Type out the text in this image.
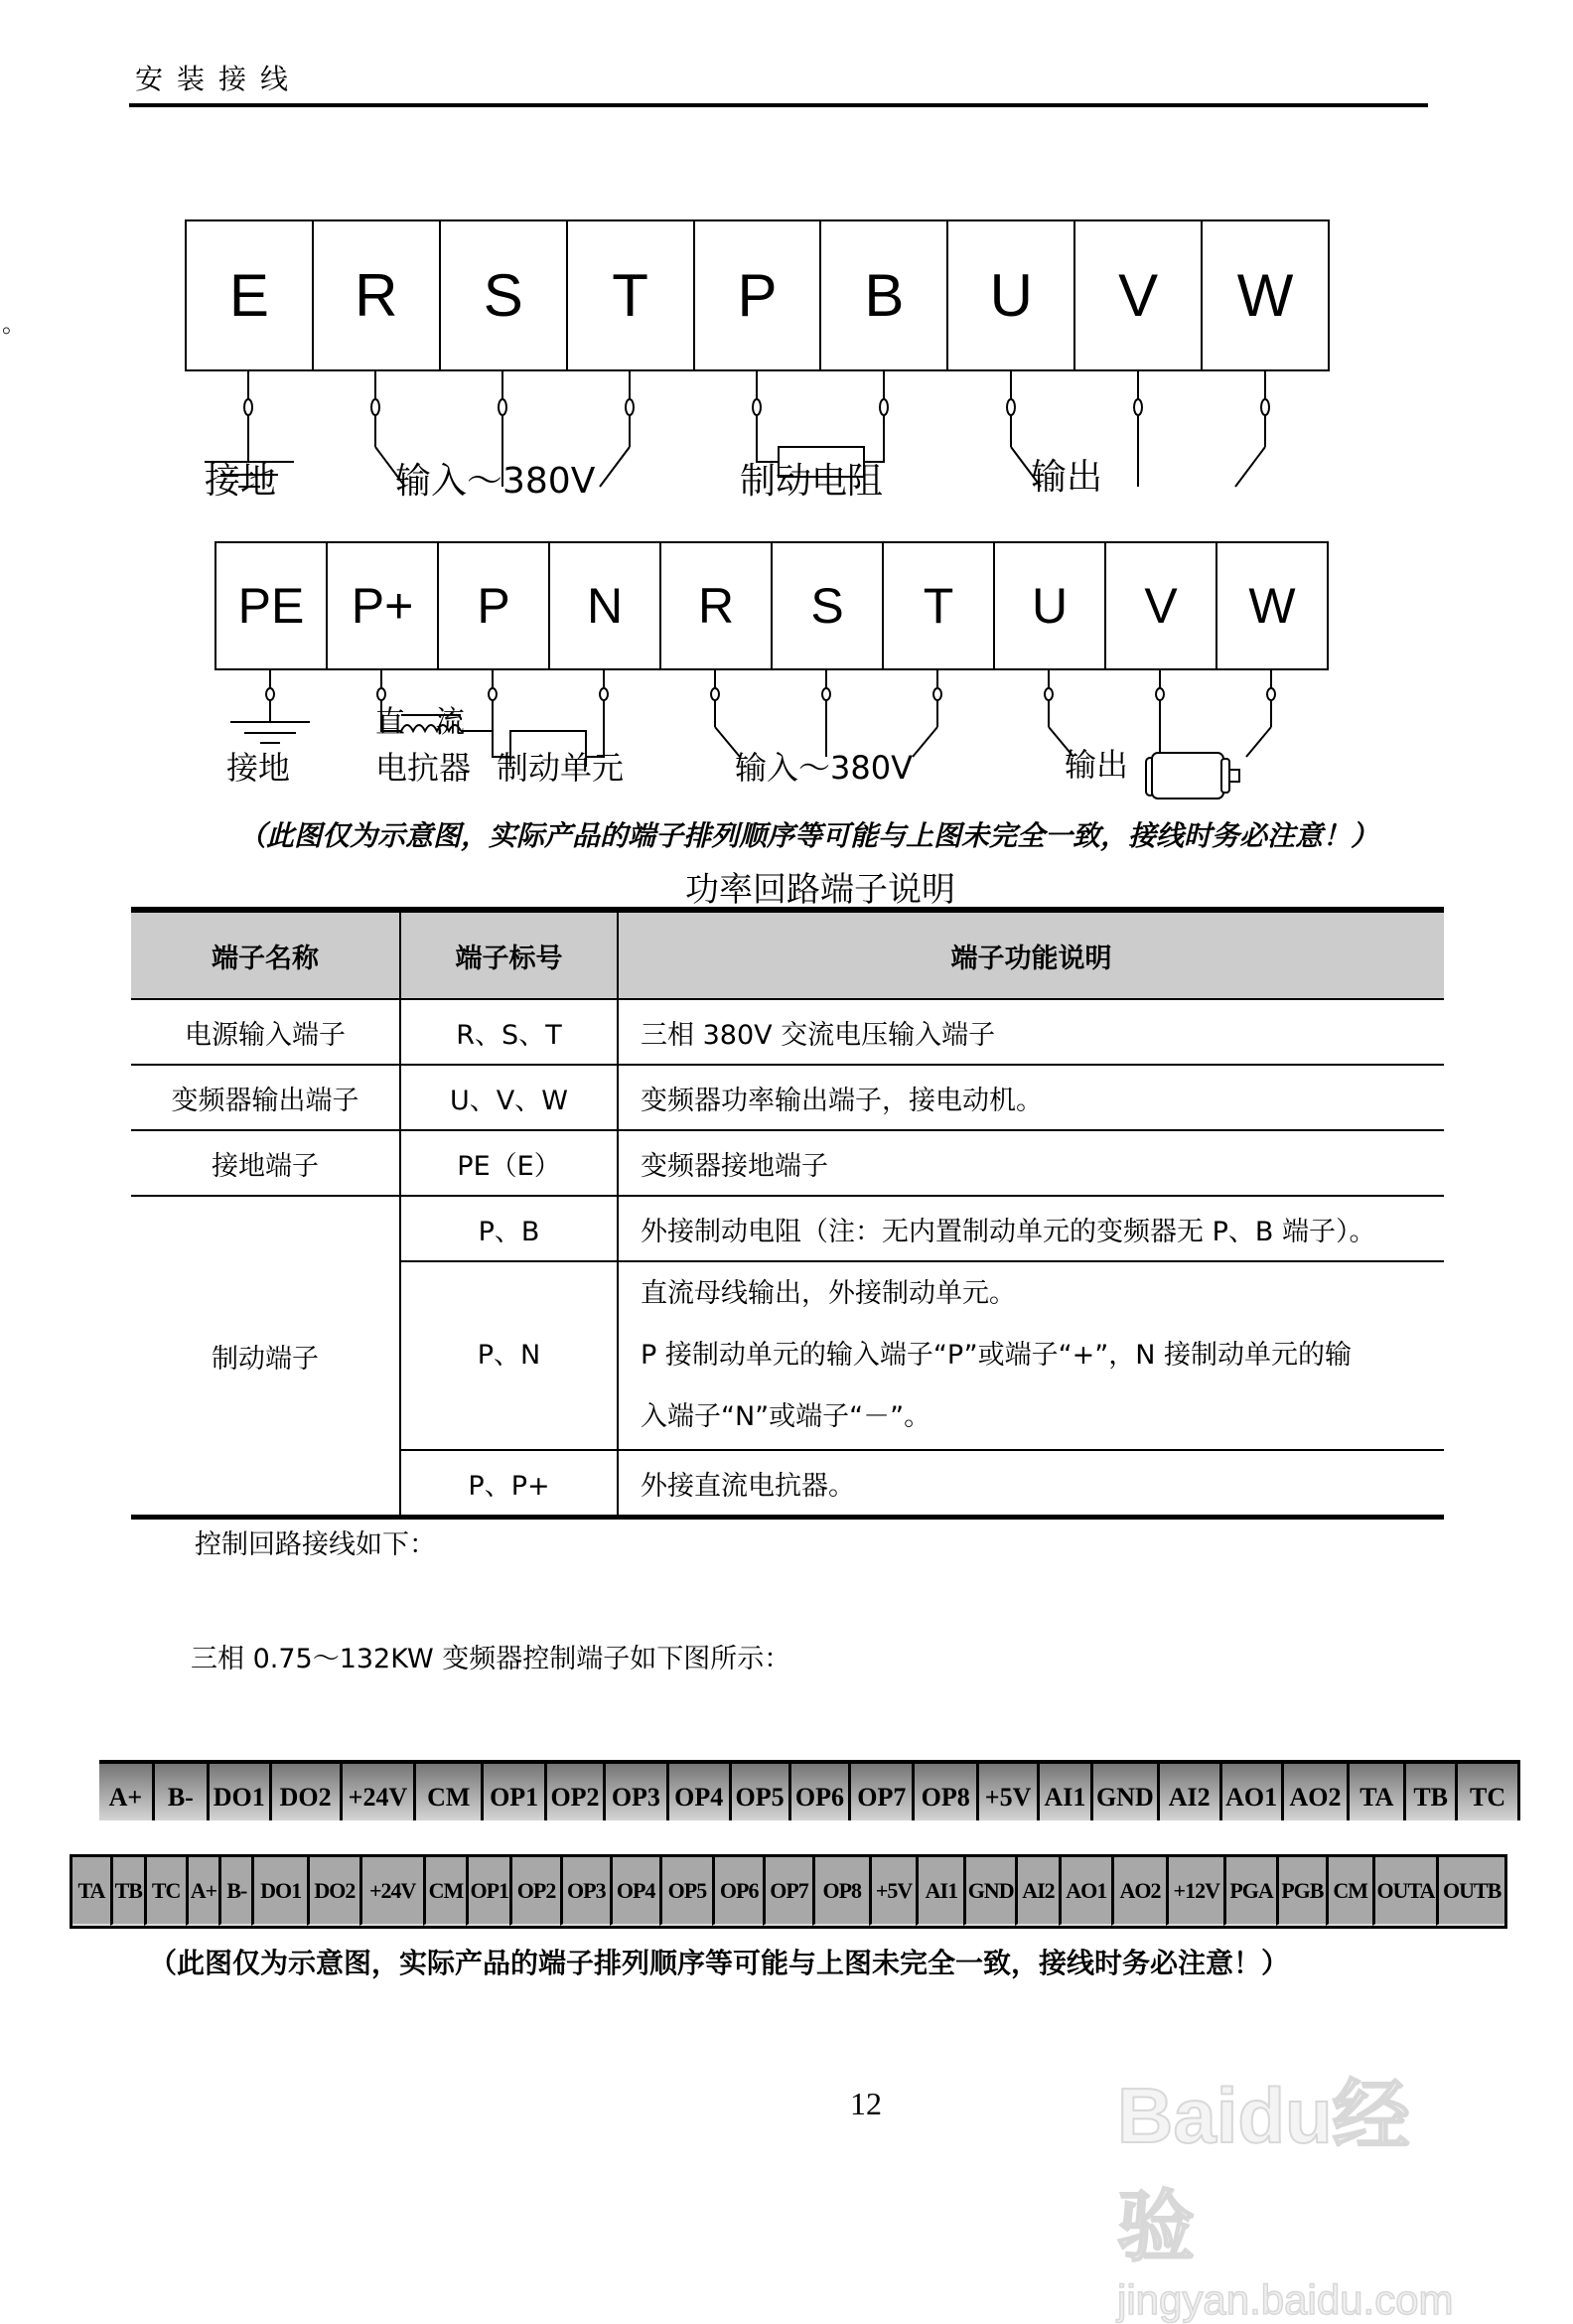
安装接线
。	E	R	S	T	P	B	U	V	W
接地	输入～380V	制动电阻	输出
PE P+	P	N	R	S	T	U	V	W
直　流
接地	电抗器 制动单元	输入～380V	输出
（此图仅为示意图，实际产品的端子排列顺序等可能与上图未完全一致，接线时务必注意！）
功率回路端子说明
端子名称	端子标号	端子功能说明
电源输入端子	R、S、T	三相 380V 交流电压输入端子
变频器输出端子	U、V、W	变频器功率输出端子，接电动机。
接地端子	PE（E）	变频器接地端子
制动端子	P、B	外接制动电阻（注：无内置制动单元的变频器无 P、B 端子）。
	P、N	直流母线输出，外接制动单元。
P 接制动单元的输入端子“P”或端子“+”，N 接制动单元的输
入端子“N”或端子“－”。

	P、P+	外接直流电抗器。
控制回路接线如下：
三相 0.75～132KW 变频器控制端子如下图所示：
A+ B- DO1 DO2 +24V CM OP1 OP2 OP3 OP4 OP5 OP6 OP7 OP8 +5V AI1 GND AI2 AO1 AO2 TA TB TC
TA TB TC A+ B- DO1 DO2 +24V CM OP1 OP2 OP3 OP4 OP5 OP6 OP7 OP8 +5V AI1 GND AI2 AO1 AO2 +12V PGA PGB CM OUTA OUTB
（此图仅为示意图，实际产品的端子排列顺序等可能与上图未完全一致，接线时务必注意！）
12	Baidu经验
jingyan.baidu.com
